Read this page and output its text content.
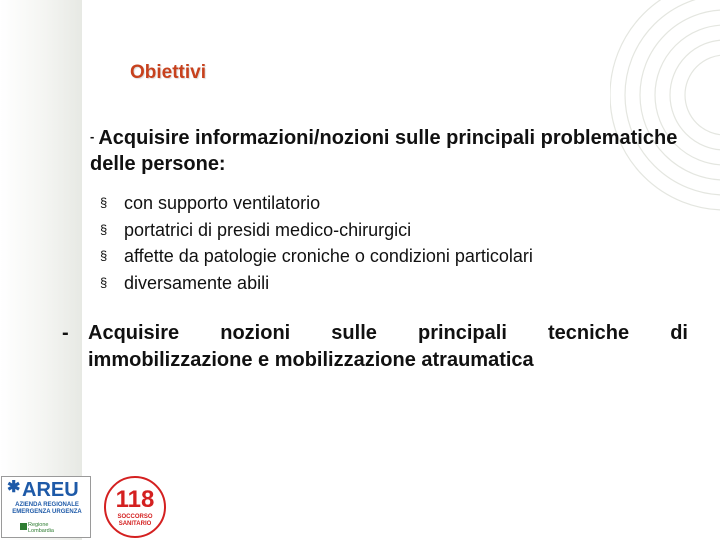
Obiettivi
- Acquisire informazioni/nozioni sulle principali problematiche delle persone:
§ con supporto ventilatorio
§ portatrici di presidi medico-chirurgici
§ affette da patologie croniche o condizioni particolari
§ diversamente abili
- Acquisire nozioni sulle principali tecniche di
immobilizzazione e mobilizzazione atraumatica
✱ AREU
AZIENDA REGIONALE
EMERGENZA URGENZA
Regione
Lombardia
118
SOCCORSO
SANITARIO
